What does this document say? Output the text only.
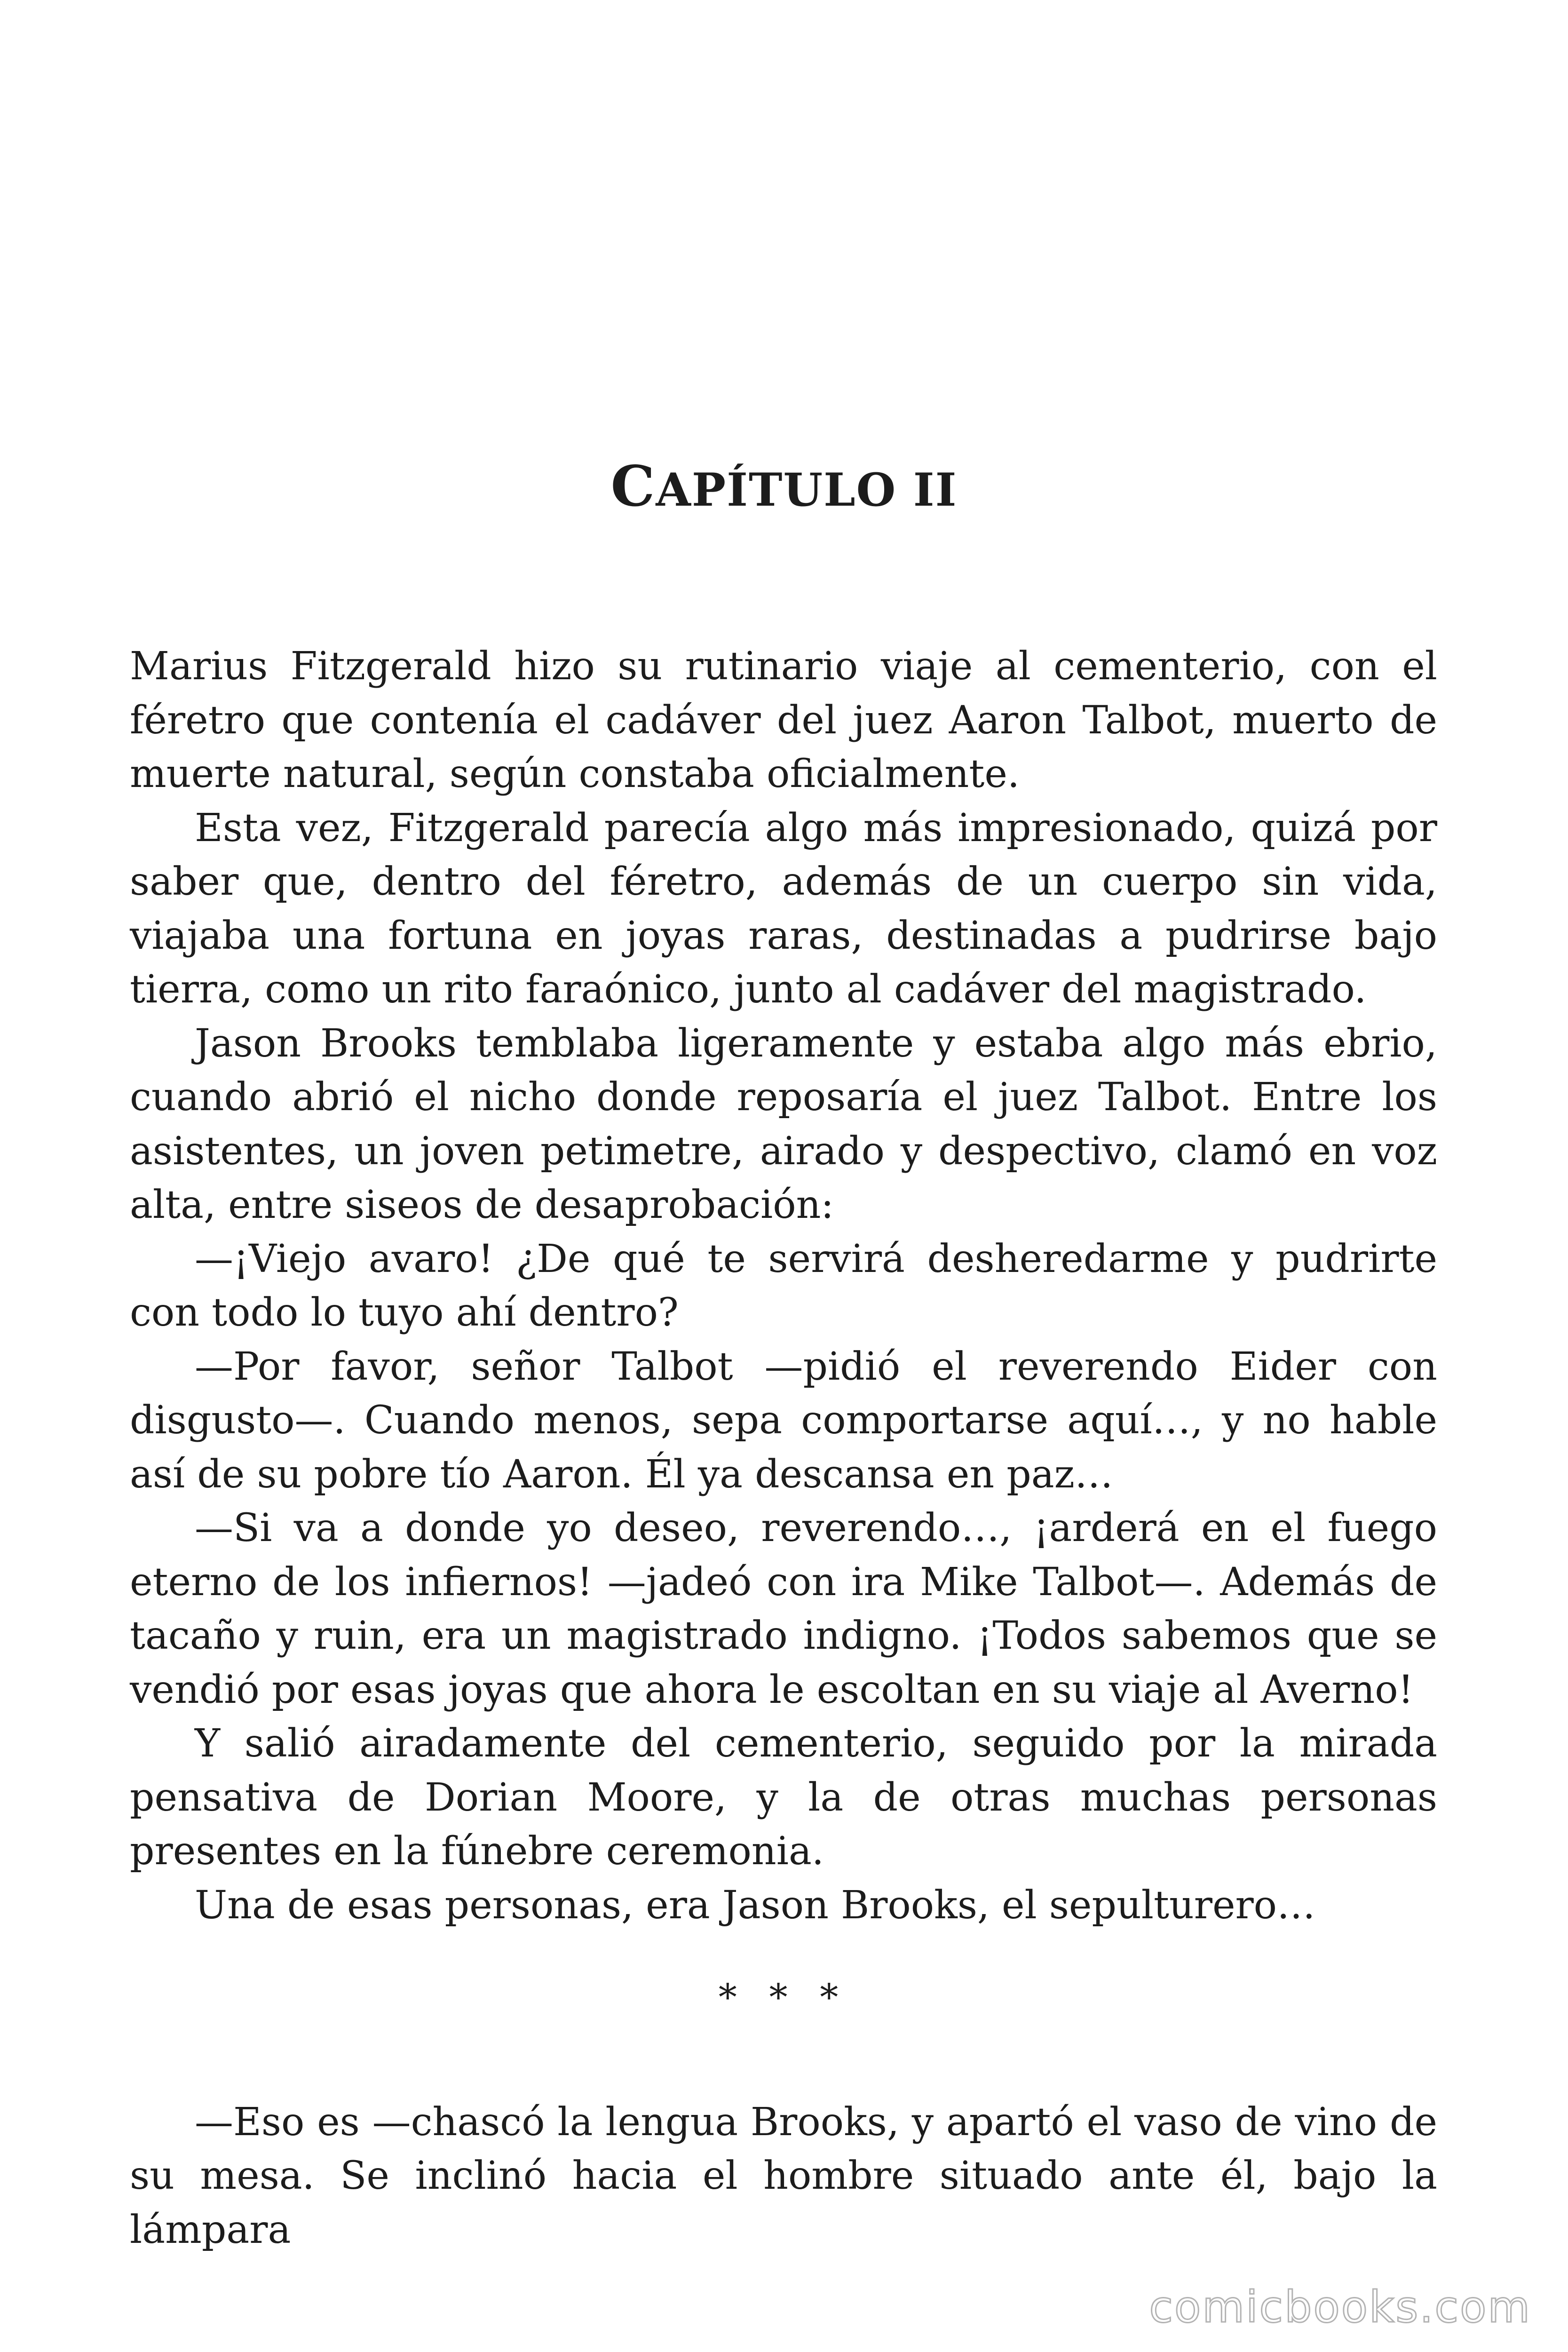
CAPÍTULO II

Marius Fitzgerald hizo su rutinario viaje al cementerio, con el féretro que contenía el cadáver del juez Aaron Talbot, muerto de muerte natural, según constaba oficialmente.

Esta vez, Fitzgerald parecía algo más impresionado, quizá por saber que, dentro del féretro, además de un cuerpo sin vida, viajaba una fortuna en joyas raras, destinadas a pudrirse bajo tierra, como un rito faraónico, junto al cadáver del magistrado.

Jason Brooks temblaba ligeramente y estaba algo más ebrio, cuando abrió el nicho donde reposaría el juez Talbot. Entre los asistentes, un joven petimetre, airado y despectivo, clamó en voz alta, entre siseos de desaprobación:

—¡Viejo avaro! ¿De qué te servirá desheredarme y pudrirte con todo lo tuyo ahí dentro?

—Por favor, señor Talbot —pidió el reverendo Eider con disgusto—. Cuando menos, sepa comportarse aquí…, y no hable así de su pobre tío Aaron. Él ya descansa en paz…

—Si va a donde yo deseo, reverendo…, ¡arderá en el fuego eterno de los infiernos! —jadeó con ira Mike Talbot—. Además de tacaño y ruin, era un magistrado indigno. ¡Todos sabemos que se vendió por esas joyas que ahora le escoltan en su viaje al Averno!

Y salió airadamente del cementerio, seguido por la mirada pensativa de Dorian Moore, y la de otras muchas personas presentes en la fúnebre ceremonia.

Una de esas personas, era Jason Brooks, el sepulturero…

* * *

—Eso es —chascó la lengua Brooks, y apartó el vaso de vino de su mesa. Se inclinó hacia el hombre situado ante él, bajo la lámpara

comicbooks.com
